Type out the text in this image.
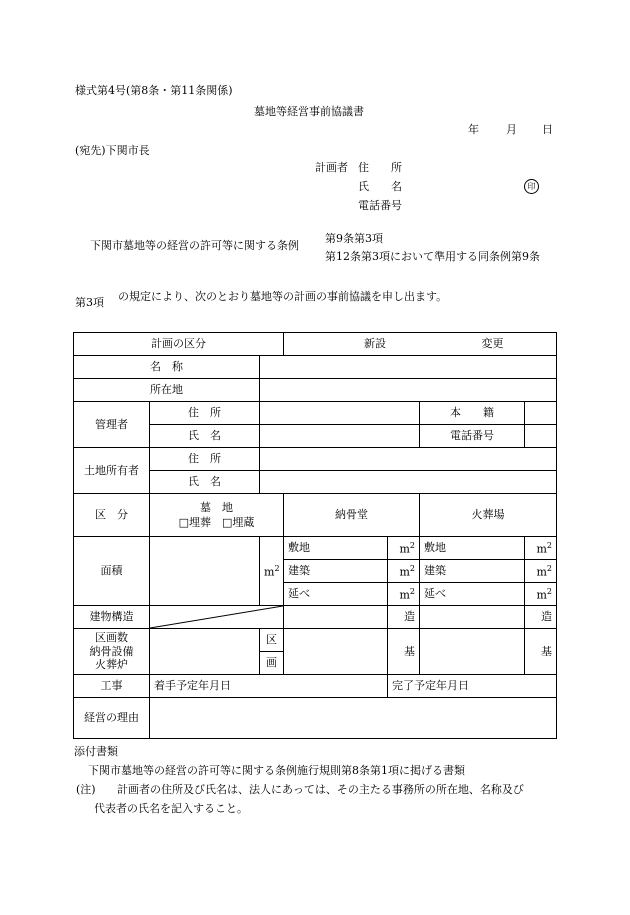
様式第4号(第8条・第11条関係)
墓地等経営事前協議書
年 月 日
(宛先)下関市長
計画者 住　　所
氏　　名	印
電話番号
下関市墓地等の経営の許可等に関する条例
第9条第3項
第12条第3項において準用する同条例第9条
第3項 の規定により、次のとおり墓地等の計画の事前協議を申し出ます。
計画の区分			新設 変更			
名　称						
所在地						
管理者	住　所				本　　籍	
	氏　名				電話番号	
土地所有者	住　所					
	氏　名					
区　分	墓　地
□埋葬　□埋蔵		納骨堂		火葬場	
面積		$m^2$	敷地	$m^2$	敷地	$m^2$
			建築	$m^2$	建築	$m^2$
			延べ	$m^2$	延べ	$m^2$
建物構造				造		造
区画数
納骨設備
火葬炉		区		基		基
		画				
工事	着手予定年月日			完了予定年月日		
経営の理由						
添付書類
下関市墓地等の経営の許可等に関する条例施行規則第8条第1項に掲げる書類
(注) 計画者の住所及び氏名は、法人にあっては、その主たる事務所の所在地、名称及び
代表者の氏名を記入すること。
